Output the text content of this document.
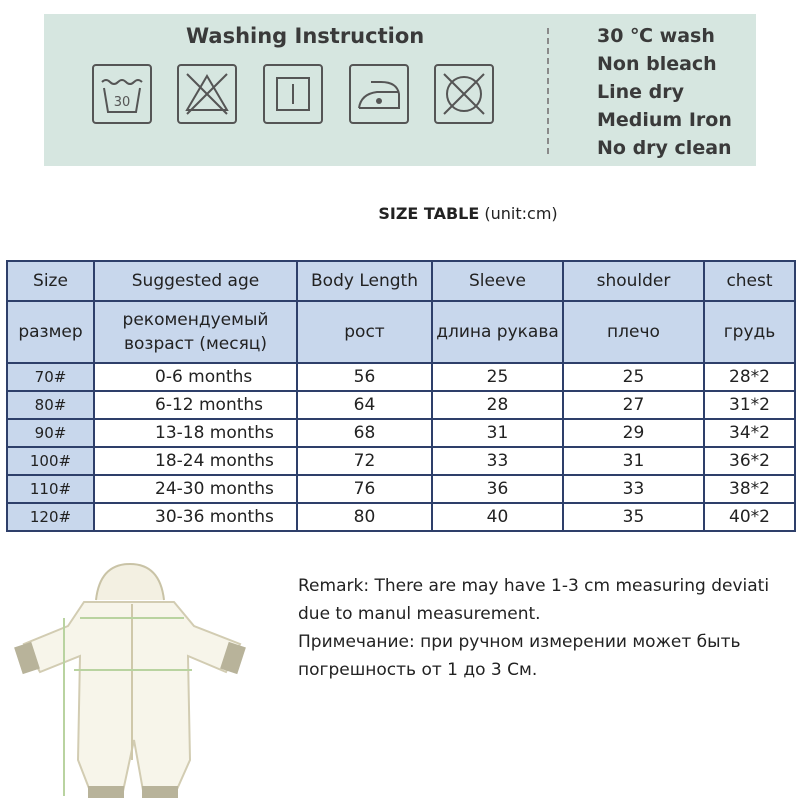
Washing Instruction
30
30 ℃ wash
Non bleach
Line dry
Medium Iron
No dry clean
SIZE TABLE (unit:cm)
Size	Suggested age	Body Length	Sleeve	shoulder	chest
размер	рекомендуемый возраст (месяц)	рост	длина рукава	плечо	грудь
70#	0-6 months	56	25	25	28*2
80#	6-12 months	64	28	27	31*2
90#	13-18 months	68	31	29	34*2
100#	18-24 months	72	33	31	36*2
110#	24-30 months	76	36	33	38*2
120#	30-36 months	80	40	35	40*2

Remark: There are may have 1-3 cm measuring deviati

due to manul measurement.

Примечание: при ручном измерении может быть

погрешность от 1 до 3 См.
